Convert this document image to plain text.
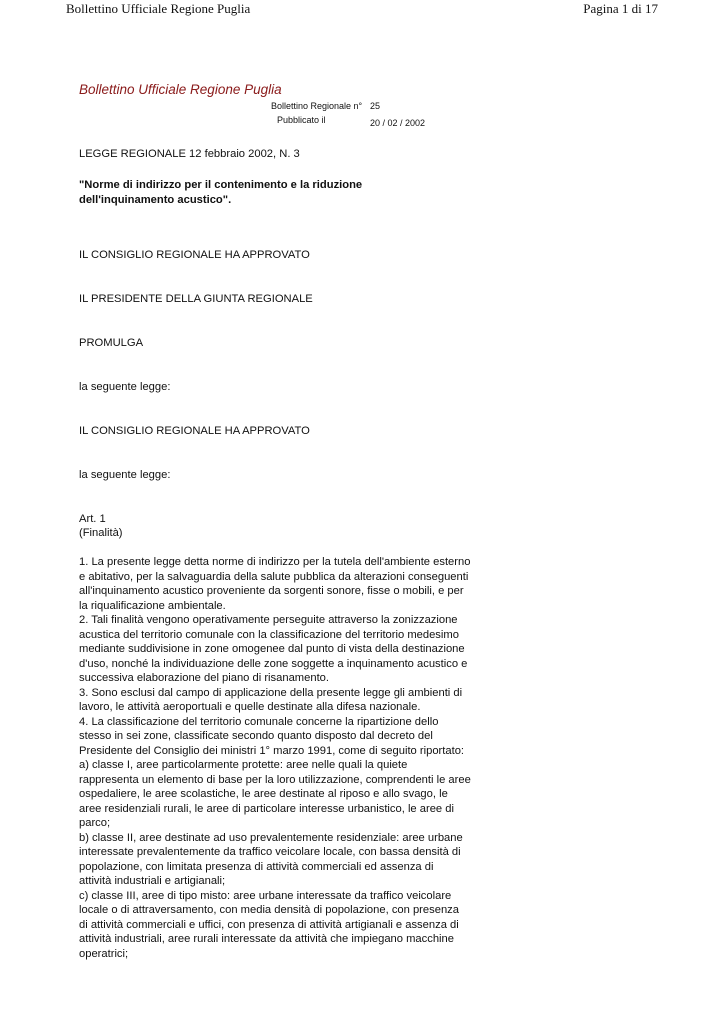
Bollettino Ufficiale Regione Puglia	Pagina 1 di 17
Bollettino Ufficiale Regione Puglia
Bollettino Regionale n° 25
Pubblicato il	20 / 02 / 2002
LEGGE REGIONALE 12 febbraio 2002, N. 3
"Norme di indirizzo per il contenimento e la riduzione dell'inquinamento acustico".
IL CONSIGLIO REGIONALE HA APPROVATO
IL PRESIDENTE DELLA GIUNTA REGIONALE
PROMULGA
la seguente legge:
IL CONSIGLIO REGIONALE HA APPROVATO
la seguente legge:
Art. 1
(Finalità)
1. La presente legge detta norme di indirizzo per la tutela dell'ambiente esterno
e abitativo, per la salvaguardia della salute pubblica da alterazioni conseguenti
all'inquinamento acustico proveniente da sorgenti sonore, fisse o mobili, e per
la riqualificazione ambientale.
2. Tali finalità vengono operativamente perseguite attraverso la zonizzazione
acustica del territorio comunale con la classificazione del territorio medesimo
mediante suddivisione in zone omogenee dal punto di vista della destinazione
d'uso, nonché la individuazione delle zone soggette a inquinamento acustico e
successiva elaborazione del piano di risanamento.
3. Sono esclusi dal campo di applicazione della presente legge gli ambienti di
lavoro, le attività aeroportuali e quelle destinate alla difesa nazionale.
4. La classificazione del territorio comunale concerne la ripartizione dello
stesso in sei zone, classificate secondo quanto disposto dal decreto del
Presidente del Consiglio dei ministri 1° marzo 1991, come di seguito riportato:
a) classe I, aree particolarmente protette: aree nelle quali la quiete
rappresenta un elemento di base per la loro utilizzazione, comprendenti le aree
ospedaliere, le aree scolastiche, le aree destinate al riposo e allo svago, le
aree residenziali rurali, le aree di particolare interesse urbanistico, le aree di
parco;
b) classe II, aree destinate ad uso prevalentemente residenziale: aree urbane
interessate prevalentemente da traffico veicolare locale, con bassa densità di
popolazione, con limitata presenza di attività commerciali ed assenza di
attività industriali e artigianali;
c) classe III, aree di tipo misto: aree urbane interessate da traffico veicolare
locale o di attraversamento, con media densità di popolazione, con presenza
di attività commerciali e uffici, con presenza di attività artigianali e assenza di
attività industriali, aree rurali interessate da attività che impiegano macchine
operatrici;
